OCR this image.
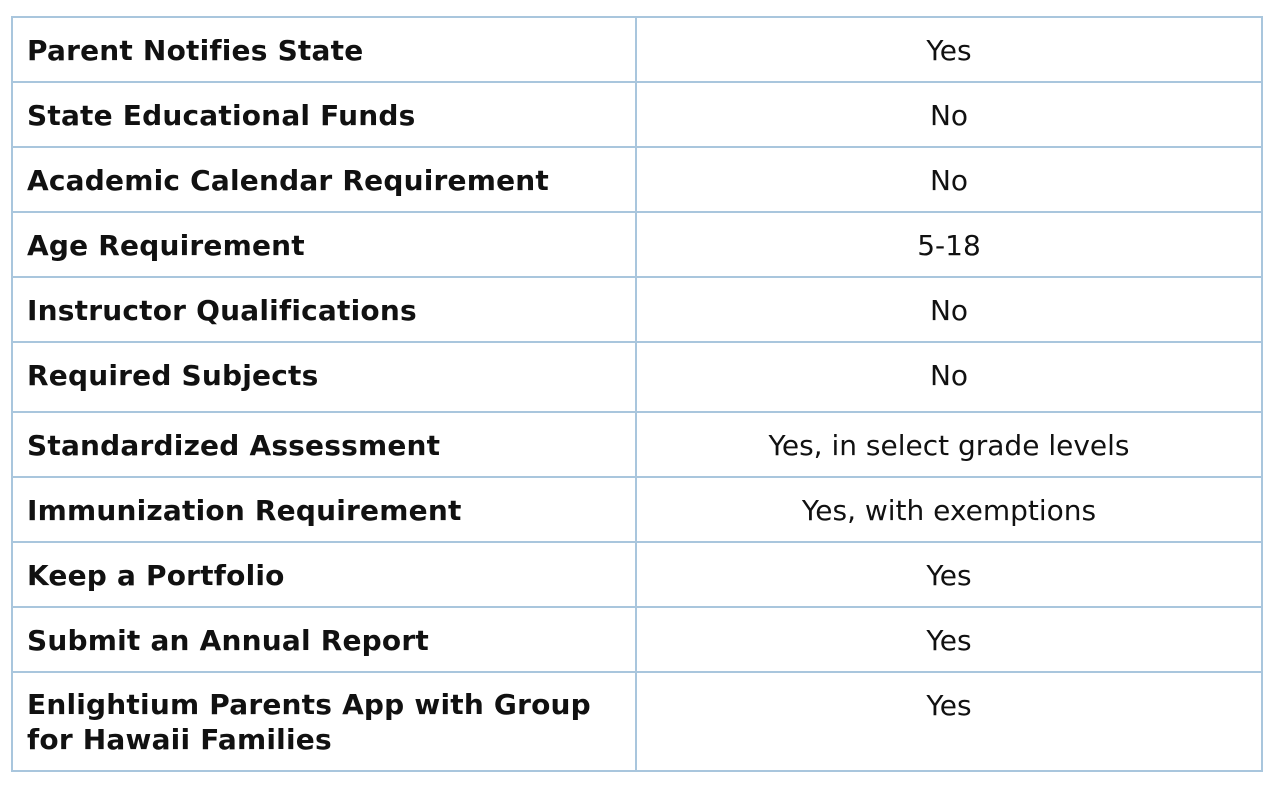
Parent Notifies State	Yes
State Educational Funds	No
Academic Calendar Requirement	No
Age Requirement	5-18
Instructor Qualifications	No
Required Subjects	No
Standardized Assessment	Yes, in select grade levels
Immunization Requirement	Yes, with exemptions
Keep a Portfolio	Yes
Submit an Annual Report	Yes
Enlightium Parents App with Group for Hawaii Families	Yes
